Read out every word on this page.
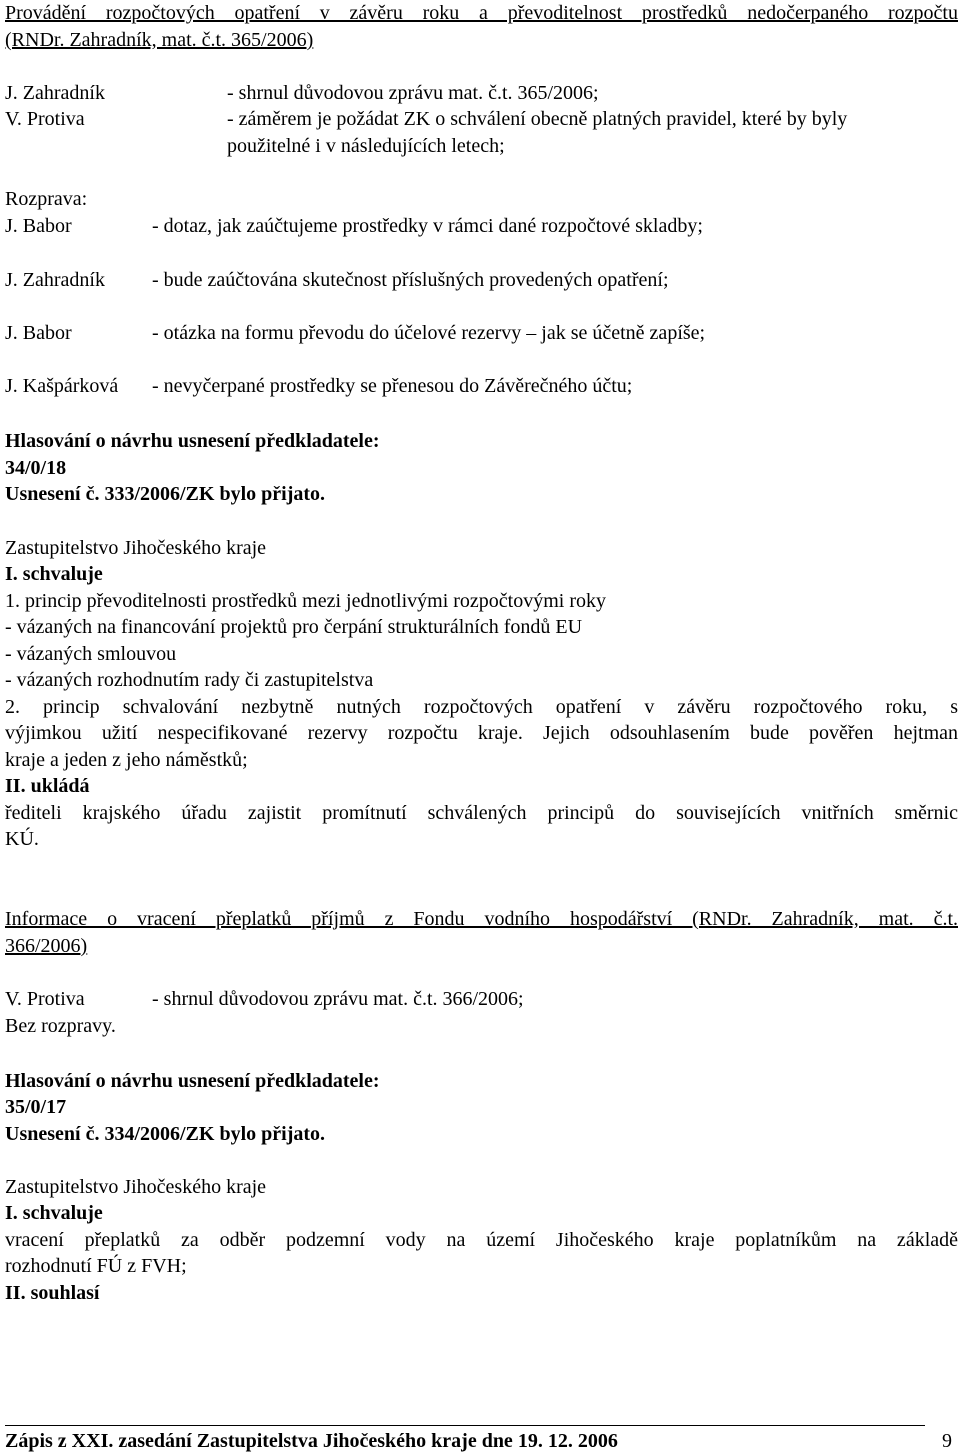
Provádění rozpočtových opatření v závěru roku a převoditelnost prostředků nedočerpaného rozpočtu
(RNDr. Zahradník, mat. č.t. 365/2006)
J. Zahradník	- shrnul důvodovou zprávu mat. č.t. 365/2006;
V. Protiva	- záměrem je požádat ZK o schválení obecně platných pravidel, které by byly
použitelné i v následujících letech;
Rozprava:
J. Babor	- dotaz, jak zaúčtujeme prostředky v rámci dané rozpočtové skladby;
J. Zahradník - bude zaúčtována skutečnost příslušných provedených opatření;
J. Babor	- otázka na formu převodu do účelové rezervy – jak se účetně zapíše;
J. Kašpárková - nevyčerpané prostředky se přenesou do Závěrečného účtu;
Hlasování o návrhu usnesení předkladatele:
34/0/18
Usnesení č. 333/2006/ZK bylo přijato.
Zastupitelstvo Jihočeského kraje
I. schvaluje
1. princip převoditelnosti prostředků mezi jednotlivými rozpočtovými roky
- vázaných na financování projektů pro čerpání strukturálních fondů EU
- vázaných smlouvou
- vázaných rozhodnutím rady či zastupitelstva
2. princip schvalování nezbytně nutných rozpočtových opatření v závěru rozpočtového roku, s
výjimkou užití nespecifikované rezervy rozpočtu kraje. Jejich odsouhlasením bude pověřen hejtman
kraje a jeden z jeho náměstků;
II. ukládá
řediteli krajského úřadu zajistit promítnutí schválených principů do souvisejících vnitřních směrnic
KÚ.
Informace o vracení přeplatků příjmů z Fondu vodního hospodářství (RNDr. Zahradník, mat. č.t.
366/2006)
V. Protiva	- shrnul důvodovou zprávu mat. č.t. 366/2006;
Bez rozpravy.
Hlasování o návrhu usnesení předkladatele:
35/0/17
Usnesení č. 334/2006/ZK bylo přijato.
Zastupitelstvo Jihočeského kraje
I. schvaluje
vracení přeplatků za odběr podzemní vody na území Jihočeského kraje poplatníkům na základě
rozhodnutí FÚ z FVH;
II. souhlasí
Zápis z XXI. zasedání Zastupitelstva Jihočeského kraje dne 19. 12. 2006	9
